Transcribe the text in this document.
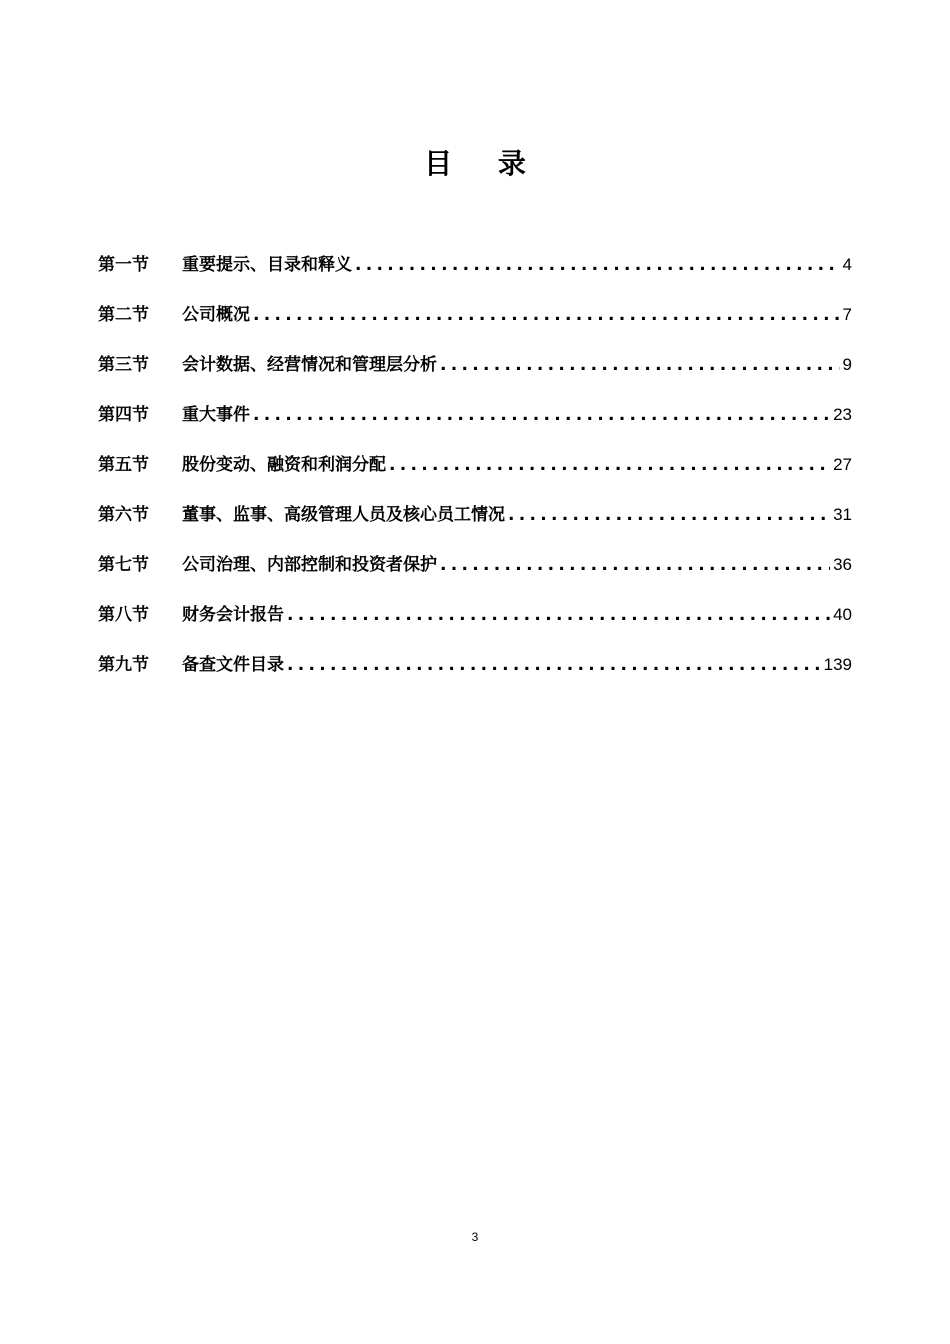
目 录
第一节	重要提示、目录和释义 .....	4
第二节	公司概况 .....	7
第三节	会计数据、经营情况和管理层分析 .....	9
第四节	重大事件 .....	23
第五节	股份变动、融资和利润分配 .....	27
第六节	董事、监事、高级管理人员及核心员工情况 .....	31
第七节	公司治理、内部控制和投资者保护 .....	36
第八节	财务会计报告 .....	40
第九节	备查文件目录 .....	139
3
